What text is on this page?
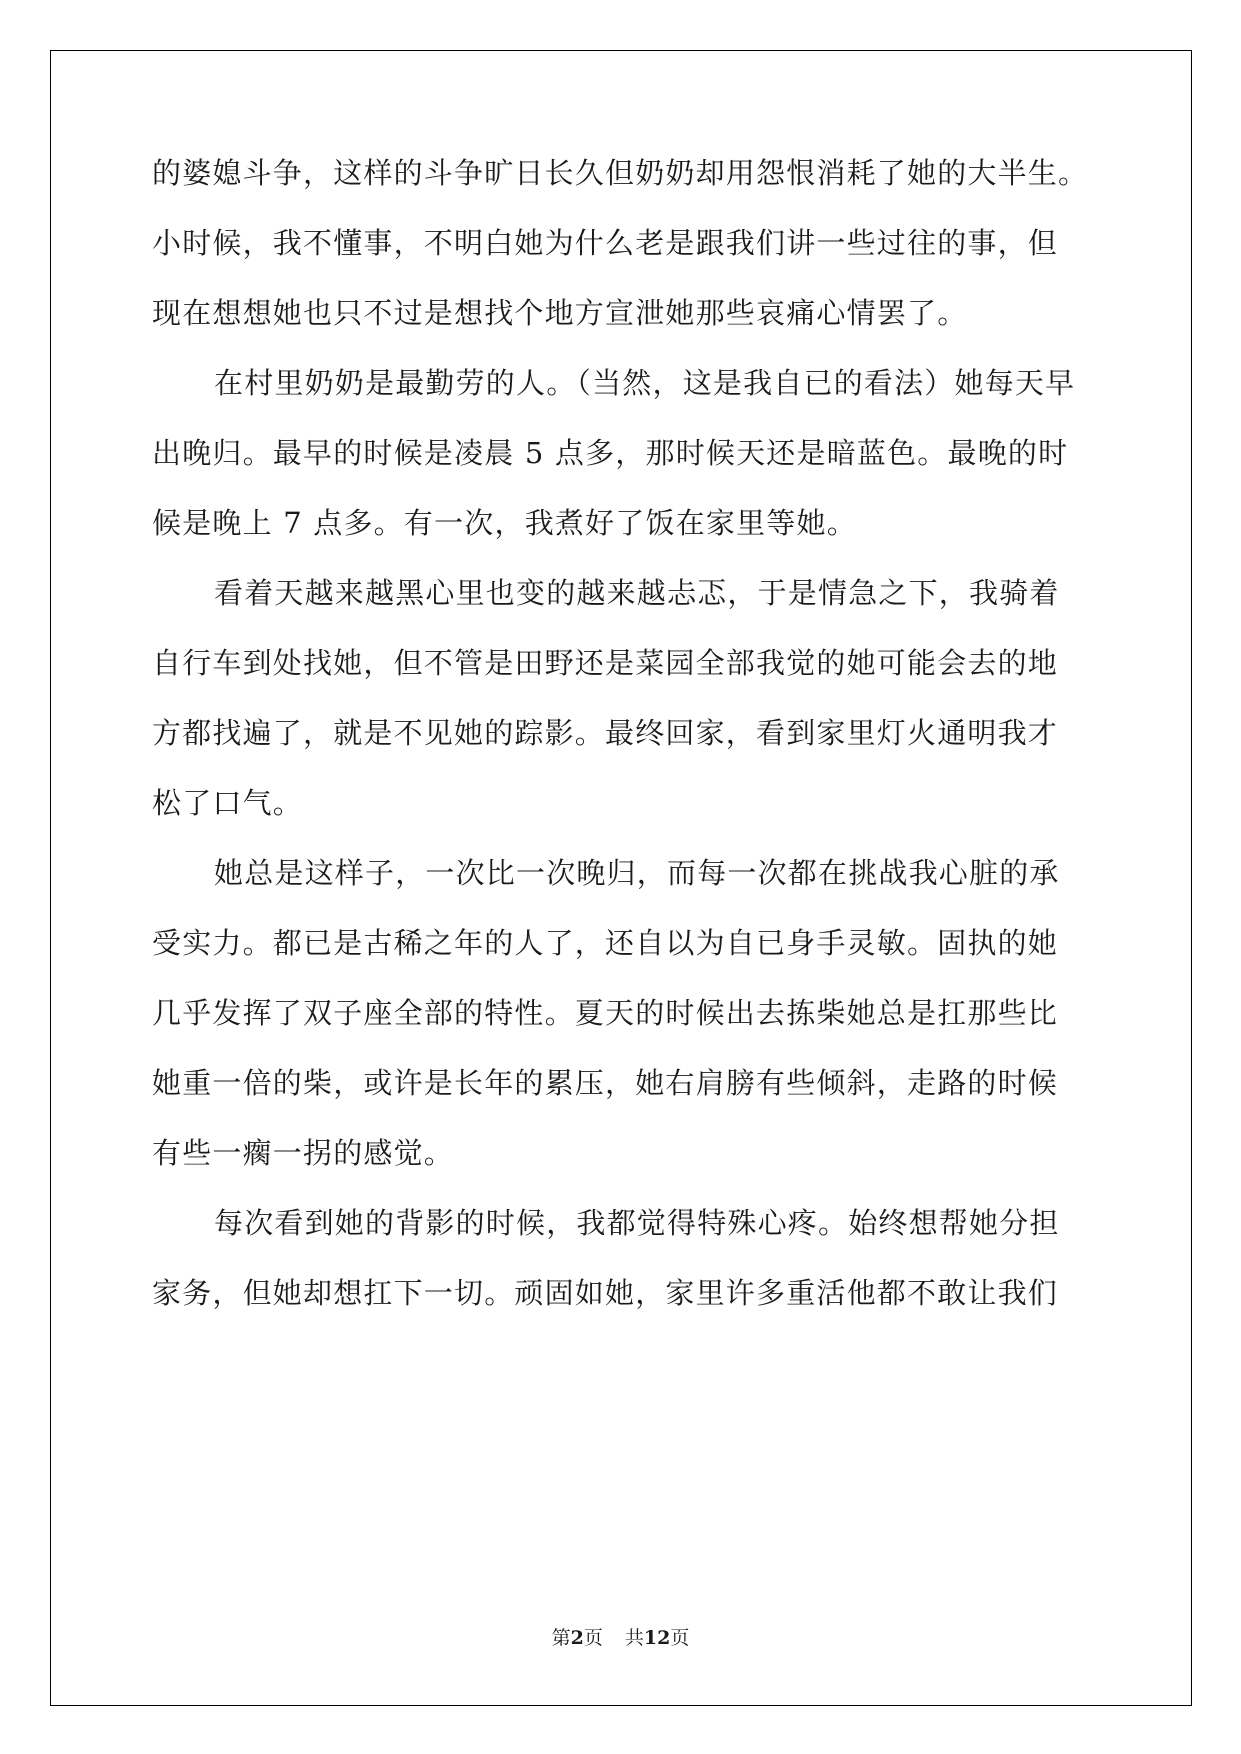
的婆媳斗争，这样的斗争旷日长久但奶奶却用怨恨消耗了她的大半生。
小时候，我不懂事，不明白她为什么老是跟我们讲一些过往的事，但
现在想想她也只不过是想找个地方宣泄她那些哀痛心情罢了。
在村里奶奶是最勤劳的人。（当然，这是我自已的看法）她每天早
出晚归。最早的时候是凌晨 5 点多，那时候天还是暗蓝色。最晚的时
候是晚上 7 点多。有一次，我煮好了饭在家里等她。
看着天越来越黑心里也变的越来越忐忑，于是情急之下，我骑着
自行车到处找她，但不管是田野还是菜园全部我觉的她可能会去的地
方都找遍了，就是不见她的踪影。最终回家，看到家里灯火通明我才
松了口气。
她总是这样子，一次比一次晚归，而每一次都在挑战我心脏的承
受实力。都已是古稀之年的人了，还自以为自已身手灵敏。固执的她
几乎发挥了双子座全部的特性。夏天的时候出去拣柴她总是扛那些比
她重一倍的柴，或许是长年的累压，她右肩膀有些倾斜，走路的时候
有些一瘸一拐的感觉。
每次看到她的背影的时候，我都觉得特殊心疼。始终想帮她分担
家务，但她却想扛下一切。顽固如她，家里许多重活他都不敢让我们
第2页 共12页
